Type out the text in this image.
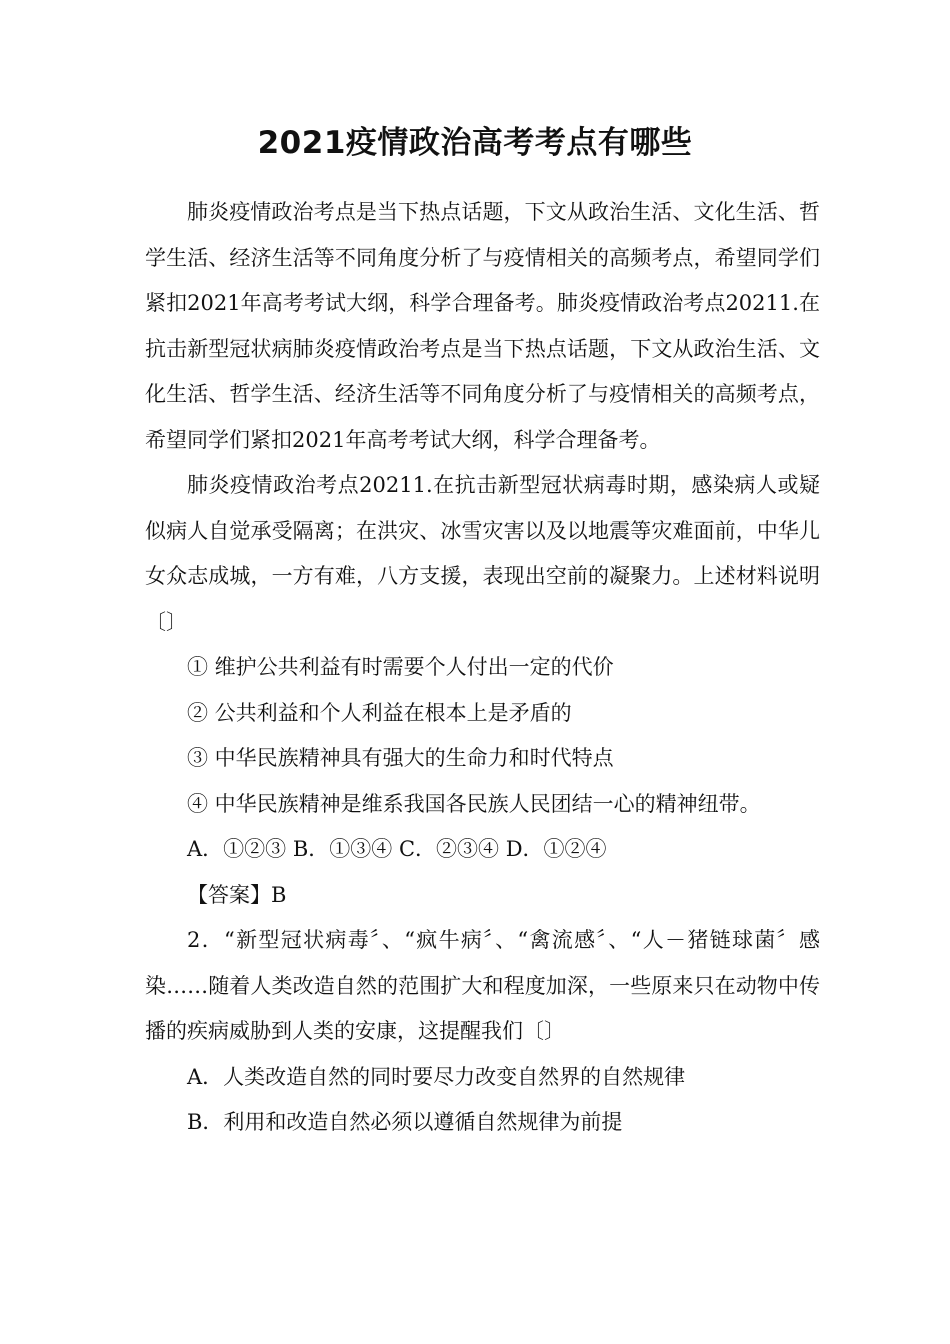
2021疫情政治高考考点有哪些

肺炎疫情政治考点是当下热点话题，下文从政治生活、文化生活、哲学生活、经济生活等不同角度分析了与疫情相关的高频考点，希望同学们紧扣2021年高考考试大纲，科学合理备考。肺炎疫情政治考点20211.在抗击新型冠状病肺炎疫情政治考点是当下热点话题，下文从政治生活、文化生活、哲学生活、经济生活等不同角度分析了与疫情相关的高频考点，希望同学们紧扣2021年高考考试大纲，科学合理备考。

肺炎疫情政治考点20211.在抗击新型冠状病毒时期，感染病人或疑似病人自觉承受隔离；在洪灾、冰雪灾害以及以地震等灾难面前，中华儿女众志成城，一方有难，八方支援，表现出空前的凝聚力。上述材料说明〔〕

① 维护公共利益有时需要个人付出一定的代价

② 公共利益和个人利益在根本上是矛盾的

③ 中华民族精神具有强大的生命力和时代特点

④ 中华民族精神是维系我国各民族人民团结一心的精神纽带。

A．①②③ B．①③④ C．②③④ D．①②④

【答案】B

2．“新型冠状病毒〞、“疯牛病〞、“禽流感〞、“人－猪链球菌〞感染……随着人类改造自然的范围扩大和程度加深，一些原来只在动物中传播的疾病威胁到人类的安康，这提醒我们〔〕

A．人类改造自然的同时要尽力改变自然界的自然规律

B．利用和改造自然必须以遵循自然规律为前提
